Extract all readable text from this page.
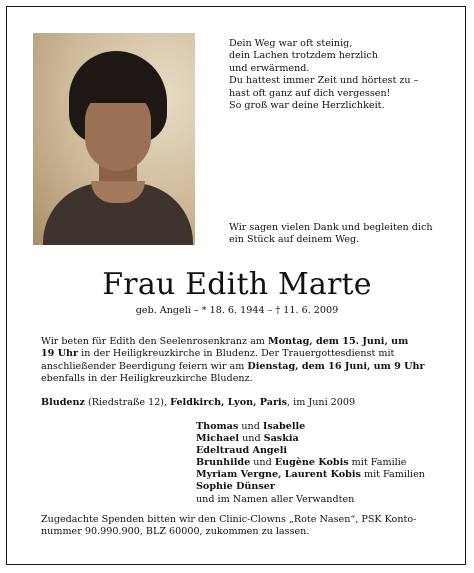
Dein Weg war oft steinig,
dein Lachen trotzdem herzlich
und erwärmend.
Du hattest immer Zeit und hörtest zu –
hast oft ganz auf dich vergessen!
So groß war deine Herzlichkeit.
Wir sagen vielen Dank und begleiten dich
ein Stück auf deinem Weg.
Frau Edith Marte
geb. Angeli – * 18. 6. 1944 – † 11. 6. 2009
Wir beten für Edith den Seelenrosenkranz am Montag, dem 15. Juni, um
19 Uhr in der Heiligkreuzkirche in Bludenz. Der Trauergottesdienst mit
anschließender Beerdigung feiern wir am Dienstag, dem 16 Juni, um 9 Uhr
ebenfalls in der Heiligkreuzkirche Bludenz.
Bludenz (Riedstraße 12), Feldkirch, Lyon, Paris, im Juni 2009
Thomas und Isabelle
Michael und Saskia
Edeltraud Angeli
Brunhilde und Eugène Kobis mit Familie
Myriam Vergne, Laurent Kobis mit Familien
Sophie Dünser
und im Namen aller Verwandten
Zugedachte Spenden bitten wir den Clinic-Clowns „Rote Nasen“, PSK Konto-
nummer 90.990.900, BLZ 60000, zukommen zu lassen.
